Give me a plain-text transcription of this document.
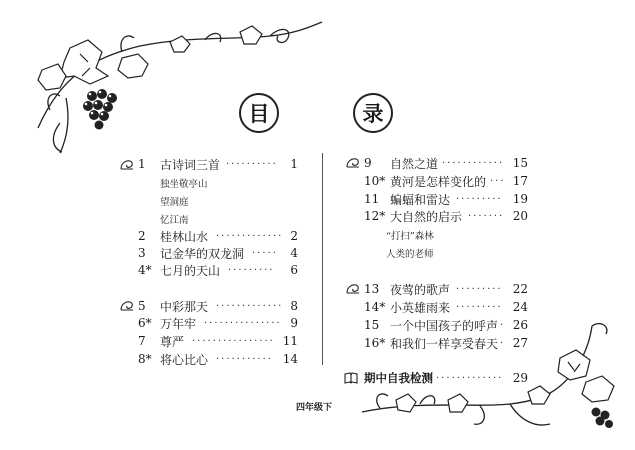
目	录
1 古诗词三首 ··········	1
独坐敬亭山
望洞庭
忆江南
2 桂林山水 ············· 2
3 记金华的双龙洞 ·····	4
4* 七月的天山 ·········	6
5 中彩那天 ············· 8
6* 万年牢 ··············· 9
7 尊严 ················ 11
8* 将心比心 ··········· 14
9 自然之道 ············ 15
10* 黄河是怎样变化的 ··· 17
11 蝙蝠和雷达 ········· 19
12* 大自然的启示 ······· 20
“打扫”森林
人类的老师
13 夜莺的歌声 ········· 22
14* 小英雄雨来 ········· 24
15 一个中国孩子的呼声 · 26
16* 和我们一样享受春天 · 27
期中自我检测 ············· 29
四年级下
